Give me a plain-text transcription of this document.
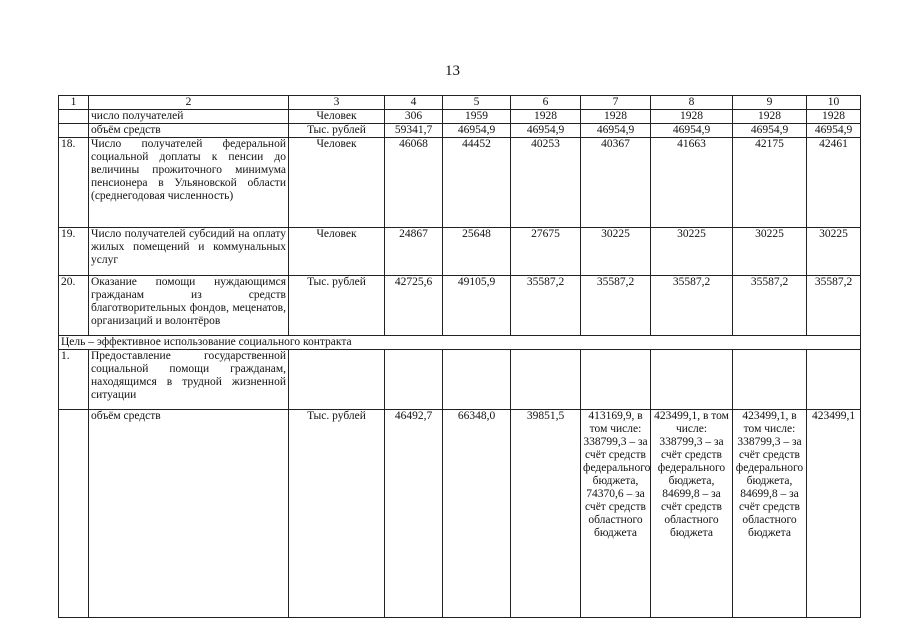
13
1	2	3	4	5	6	7	8	9	10
	число получателей	Человек	306	1959	1928	1928	1928	1928	1928
	объём средств	Тыс. рублей	59341,7	46954,9	46954,9	46954,9	46954,9	46954,9	46954,9
18.	Число получателей федеральной социальной доплаты к пенсии до величины прожиточного минимума пенсионера в Ульяновской области (среднегодовая численность)	Человек	46068	44452	40253	40367	41663	42175	42461
19.	Число получателей субсидий на оплату жилых помещений и коммунальных услуг	Человек	24867	25648	27675	30225	30225	30225	30225
20.	Оказание помощи нуждающимся гражданам из средств благотворительных фондов, меценатов, организаций и волонтёров	Тыс. рублей	42725,6	49105,9	35587,2	35587,2	35587,2	35587,2	35587,2
Цель – эффективное использование социального контракта									
1.	Предоставление государственной социальной помощи гражданам, находящимся в трудной жизненной ситуации								
	объём средств	Тыс. рублей	46492,7	66348,0	39851,5	413169,9, в том числе: 338799,3 – за счёт средств федерального бюджета, 74370,6 – за счёт средств областного бюджета	423499,1, в том числе: 338799,3 – за счёт средств федерального бюджета, 84699,8 – за счёт средств областного бюджета	423499,1, в том числе: 338799,3 – за счёт средств федерального бюджета, 84699,8 – за счёт средств областного бюджета	423499,1
